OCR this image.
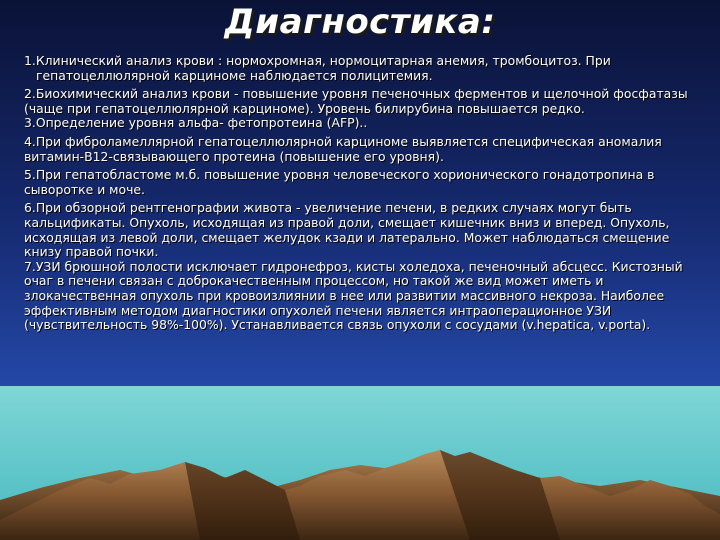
Диагностика:

1.Клинический анализ крови : нормохромная, нормоцитарная анемия, тромбоцитоз. При
гепатоцеллюлярной карциноме наблюдается полицитемия.

2.Биохимический анализ крови - повышение уровня печеночных ферментов и щелочной фосфатазы (чаще при гепатоцеллюлярной карциноме). Уровень билирубина повышается редко.

3.Определение уровня альфа- фетопротеина (AFP)..

4.При фиброламеллярной гепатоцеллюлярной карциноме выявляется специфическая аномалия витамин-В12-связывающего протеина (повышение его уровня).

5.При гепатобластоме м.б. повышение уровня человеческого хорионического гонадотропина в сыворотке и моче.

6.При обзорной рентгенографии живота - увеличение печени, в редких случаях могут быть кальцификаты. Опухоль, исходящая из правой доли, смещает кишечник вниз и вперед. Опухоль, исходящая из левой доли, смещает желудок кзади и латерально. Может наблюдаться смещение книзу правой почки.

7.УЗИ брюшной полости исключает гидронефроз, кисты холедоха, печеночный абсцесс. Кистозный очаг в печени связан с доброкачественным процессом, но такой же вид может иметь и злокачественная опухоль при кровоизлиянии в нее или развитии массивного некроза. Наиболее эффективным методом диагностики опухолей печени является интраоперационное УЗИ (чувствительность 98%-100%). Устанавливается связь опухоли с сосудами (v.hepatica, v.porta).
